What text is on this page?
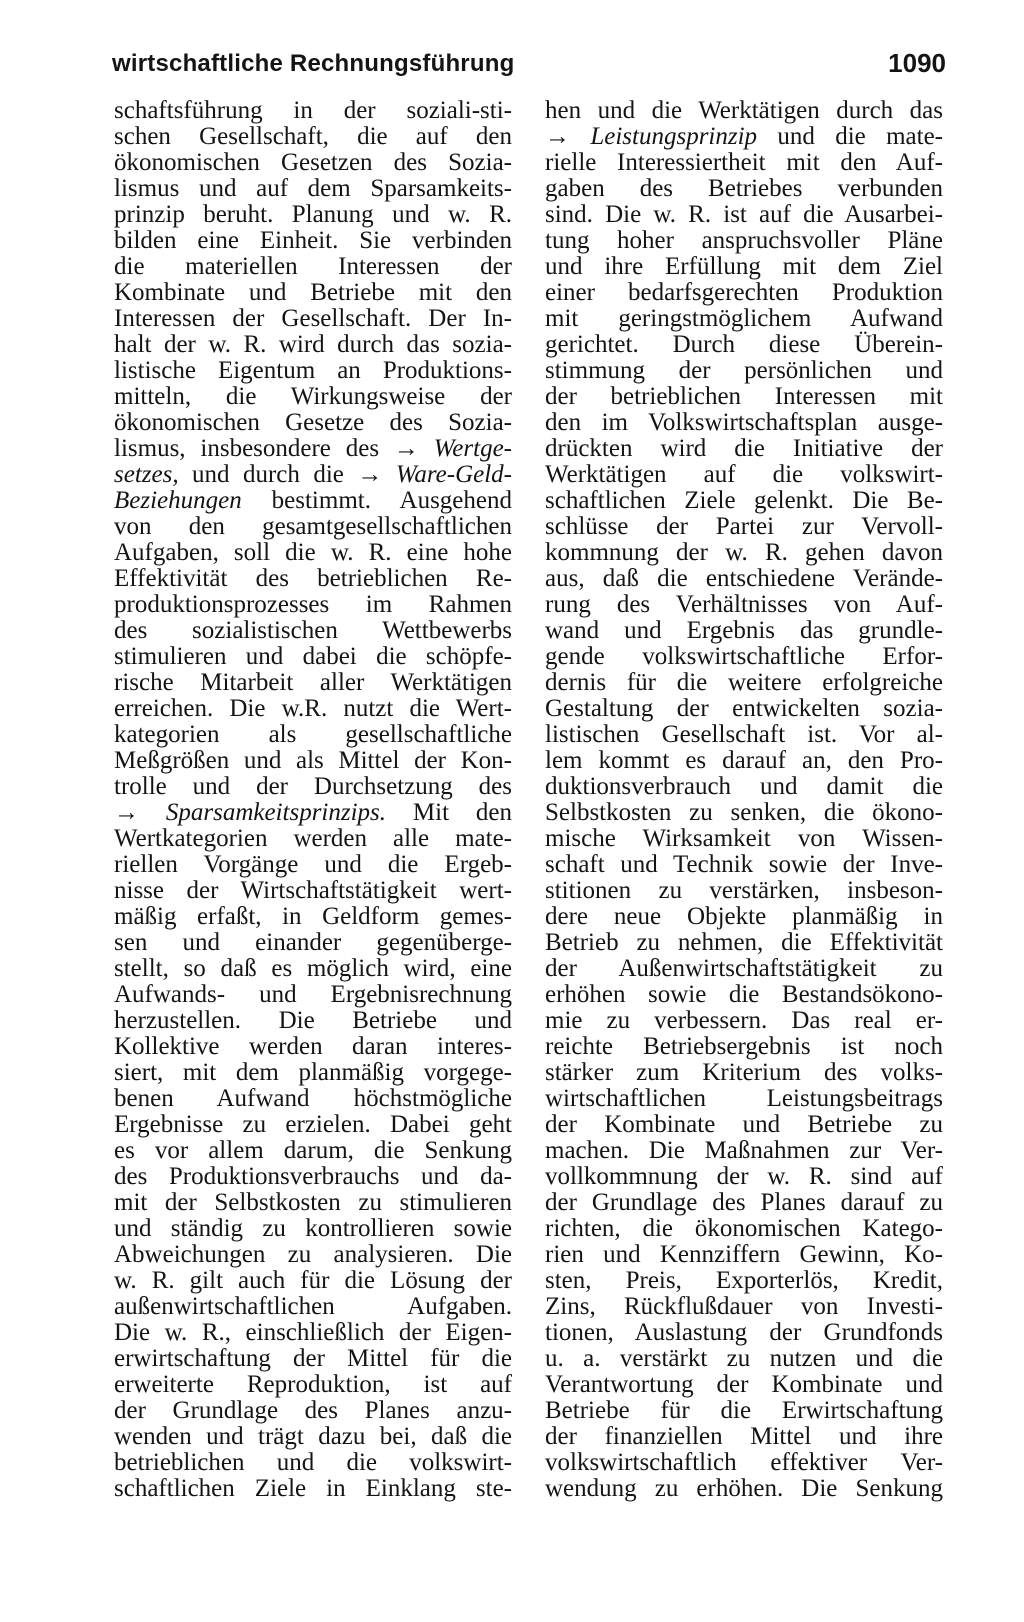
wirtschaftliche Rechnungsführung	1090
schaftsführung in der soziali-sti-
schen Gesellschaft, die auf den
ökonomischen Gesetzen des Sozia-
lismus und auf dem Sparsamkeits-
prinzip beruht. Planung und w. R.
bilden eine Einheit. Sie verbinden
die materiellen Interessen der
Kombinate und Betriebe mit den
Interessen der Gesellschaft. Der In-
halt der w. R. wird durch das sozia-
listische Eigentum an Produktions-
mitteln, die Wirkungsweise der
ökonomischen Gesetze des Sozia-
lismus, insbesondere des → Wertge-
setzes, und durch die → Ware-Geld-
Beziehungen bestimmt. Ausgehend
von den gesamtgesellschaftlichen
Aufgaben, soll die w. R. eine hohe
Effektivität des betrieblichen Re-
produktionsprozesses im Rahmen
des sozialistischen Wettbewerbs
stimulieren und dabei die schöpfe-
rische Mitarbeit aller Werktätigen
erreichen. Die w.R. nutzt die Wert-
kategorien als gesellschaftliche
Meßgrößen und als Mittel der Kon-
trolle und der Durchsetzung des
→ Sparsamkeitsprinzips. Mit den
Wertkategorien werden alle mate-
riellen Vorgänge und die Ergeb-
nisse der Wirtschaftstätigkeit wert-
mäßig erfaßt, in Geldform gemes-
sen und einander gegenüberge-
stellt, so daß es möglich wird, eine
Aufwands- und Ergebnisrechnung
herzustellen. Die Betriebe und
Kollektive werden daran interes-
siert, mit dem planmäßig vorgege-
benen Aufwand höchstmögliche
Ergebnisse zu erzielen. Dabei geht
es vor allem darum, die Senkung
des Produktionsverbrauchs und da-
mit der Selbstkosten zu stimulieren
und ständig zu kontrollieren sowie
Abweichungen zu analysieren. Die
w. R. gilt auch für die Lösung der
außenwirtschaftlichen Aufgaben.
Die w. R., einschließlich der Eigen-
erwirtschaftung der Mittel für die
erweiterte Reproduktion, ist auf
der Grundlage des Planes anzu-
wenden und trägt dazu bei, daß die
betrieblichen und die volkswirt-
schaftlichen Ziele in Einklang ste-
hen und die Werktätigen durch das
→ Leistungsprinzip und die mate-
rielle Interessiertheit mit den Auf-
gaben des Betriebes verbunden
sind. Die w. R. ist auf die Ausarbei-
tung hoher anspruchsvoller Pläne
und ihre Erfüllung mit dem Ziel
einer bedarfsgerechten Produktion
mit geringstmöglichem Aufwand
gerichtet. Durch diese Überein-
stimmung der persönlichen und
der betrieblichen Interessen mit
den im Volkswirtschaftsplan ausge-
drückten wird die Initiative der
Werktätigen auf die volkswirt-
schaftlichen Ziele gelenkt. Die Be-
schlüsse der Partei zur Vervoll-
kommnung der w. R. gehen davon
aus, daß die entschiedene Verände-
rung des Verhältnisses von Auf-
wand und Ergebnis das grundle-
gende volkswirtschaftliche Erfor-
dernis für die weitere erfolgreiche
Gestaltung der entwickelten sozia-
listischen Gesellschaft ist. Vor al-
lem kommt es darauf an, den Pro-
duktionsverbrauch und damit die
Selbstkosten zu senken, die ökono-
mische Wirksamkeit von Wissen-
schaft und Technik sowie der Inve-
stitionen zu verstärken, insbeson-
dere neue Objekte planmäßig in
Betrieb zu nehmen, die Effektivität
der Außenwirtschaftstätigkeit zu
erhöhen sowie die Bestandsökono-
mie zu verbessern. Das real er-
reichte Betriebsergebnis ist noch
stärker zum Kriterium des volks-
wirtschaftlichen Leistungsbeitrags
der Kombinate und Betriebe zu
machen. Die Maßnahmen zur Ver-
vollkommnung der w. R. sind auf
der Grundlage des Planes darauf zu
richten, die ökonomischen Katego-
rien und Kennziffern Gewinn, Ko-
sten, Preis, Exporterlös, Kredit,
Zins, Rückflußdauer von Investi-
tionen, Auslastung der Grundfonds
u. a. verstärkt zu nutzen und die
Verantwortung der Kombinate und
Betriebe für die Erwirtschaftung
der finanziellen Mittel und ihre
volkswirtschaftlich effektiver Ver-
wendung zu erhöhen. Die Senkung
